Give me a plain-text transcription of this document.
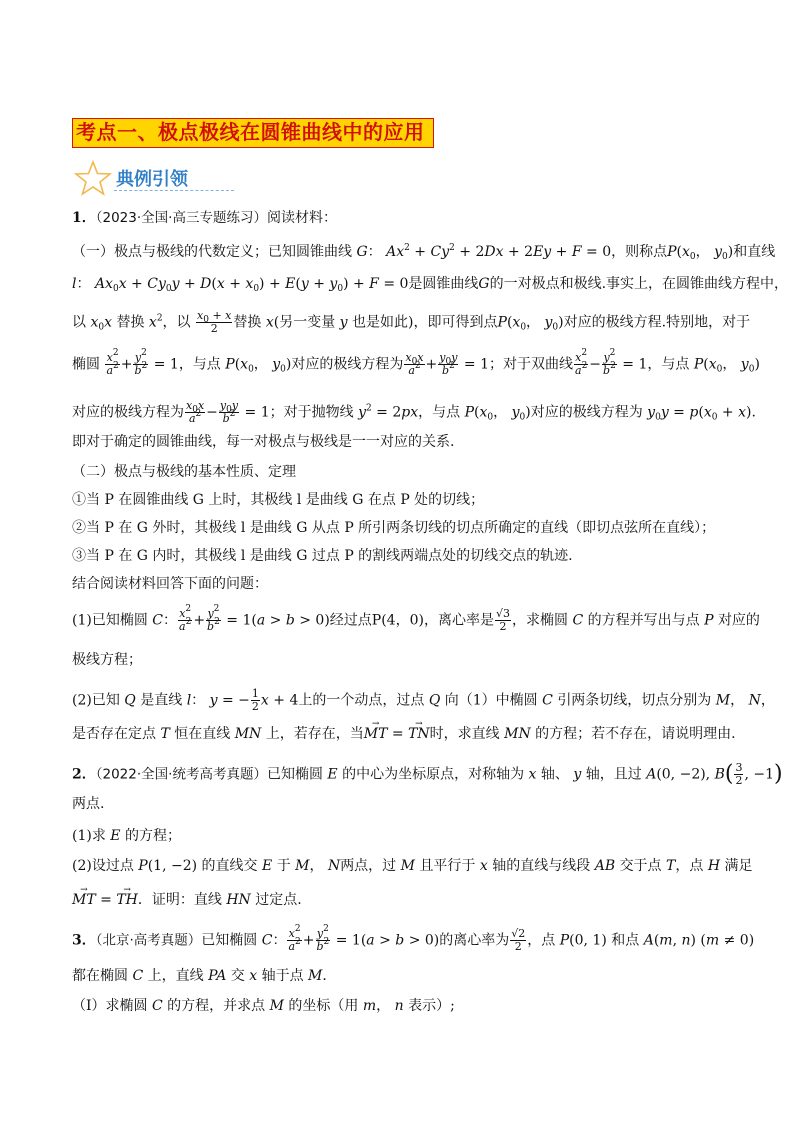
考点一、极点极线在圆锥曲线中的应用
典例引领
1．（2023·全国·高三专题练习）阅读材料：
（一）极点与极线的代数定义；已知圆锥曲线 G： $Ax^2 + Cy^2 + 2Dx + 2Ey + F = 0$，则称点$P(x_0$， $y_0$)和直线
l： $Ax_0x + Cy_0y + D(x + x_0) + E(y + y_0) + F = 0$是圆锥曲线G的一对极点和极线.事实上，在圆锥曲线方程中，
以 $x_0x$ 替换 $x^2$，以 $\frac{x_0 + x}{2}$ 替换 x(另一变量 y 也是如此)，即可得到点$P(x_0$， $y_0$)对应的极线方程.特别地，对于
椭圆 $\frac{x^2}{a^2} + \frac{y^2}{b^2} = 1$，与点 $P(x_0$， $y_0$)对应的极线方程为 $\frac{x_0x}{a^2} + \frac{y_0y}{b^2} = 1$；对于双曲线 $\frac{x^2}{a^2} - \frac{y^2}{b^2} = 1$，与点 $P(x_0$， $y_0$)
对应的极线方程为 $\frac{x_0x}{a^2} - \frac{y_0y}{b^2} = 1$；对于抛物线 $y^2 = 2px$，与点 $P(x_0$， $y_0$)对应的极线方程为 $y_0y = p(x_0 + x)$.
即对于确定的圆锥曲线，每一对极点与极线是一一对应的关系.
（二）极点与极线的基本性质、定理
①当 P 在圆锥曲线 G 上时，其极线 l 是曲线 G 在点 P 处的切线；
②当 P 在 G 外时，其极线 l 是曲线 G 从点 P 所引两条切线的切点所确定的直线（即切点弦所在直线）；
③当 P 在 G 内时，其极线 l 是曲线 G 过点 P 的割线两端点处的切线交点的轨迹.
结合阅读材料回答下面的问题：
(1)已知椭圆 C： $\frac{x^2}{a^2} + \frac{y^2}{b^2} = 1(a > b > 0)$经过点P(4，0)，离心率是 $\frac{√3}{2}$ ，求椭圆 C 的方程并写出与点 P 对应的
极线方程；
(2)已知 Q 是直线 l： y = − $\frac{1}{2}$ x + 4上的一个动点，过点 Q 向（1）中椭圆 C 引两条切线，切点分别为 M， N，
是否存在定点 T 恒在直线 MN 上，若存在，当→ MT = → TN时，求直线 MN 的方程；若不存在，请说明理由.
2．（2022·全国·统考高考真题）已知椭圆 E 的中心为坐标原点，对称轴为 x 轴、 y 轴，且过 A(0, −2), $B( \frac{3}{2}$ , −1)
两点.
(1)求 E 的方程；
(2)设过点 P(1, −2) 的直线交 E 于 M， N两点，过 M 且平行于 x 轴的直线与线段 AB 交于点 T，点 H 满足
→ MT = → TH．证明：直线 HN 过定点.
3．（北京·高考真题）已知椭圆 C： $\frac{x^2}{a^2} + \frac{y^2}{b^2} = 1(a > b > 0)$的离心率为 $\frac{√2}{2}$ ，点 P(0, 1) 和点 A(m, n) (m ≠ 0)
都在椭圆 C 上，直线 PA 交 x 轴于点 M．
（Ⅰ）求椭圆 C 的方程，并求点 M 的坐标（用 m， n 表示）;
